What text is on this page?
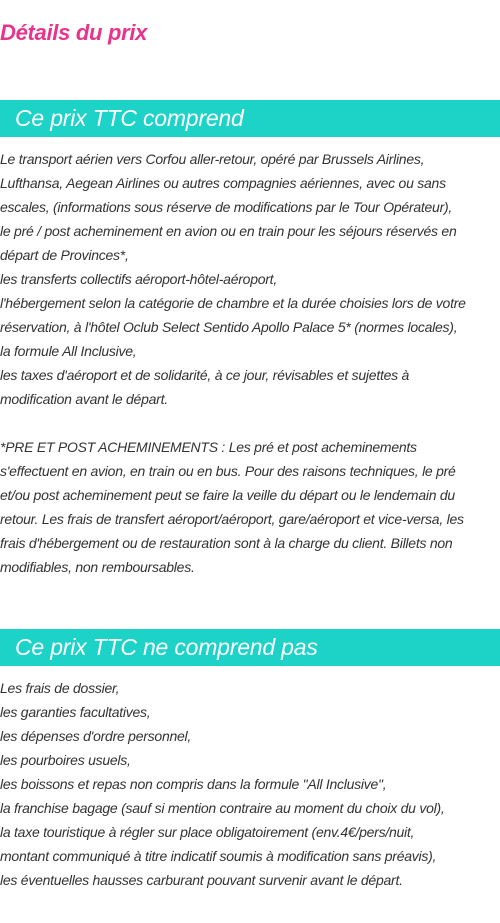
Détails du prix
Ce prix TTC comprend
Le transport aérien vers Corfou aller-retour, opéré par Brussels Airlines,
Lufthansa, Aegean Airlines ou autres compagnies aériennes, avec ou sans
escales, (informations sous réserve de modifications par le Tour Opérateur),
le pré / post acheminement en avion ou en train pour les séjours réservés en
départ de Provinces*,
les transferts collectifs aéroport-hôtel-aéroport,
l'hébergement selon la catégorie de chambre et la durée choisies lors de votre
réservation, à l'hôtel Oclub Select Sentido Apollo Palace 5* (normes locales),
la formule All Inclusive,
les taxes d'aéroport et de solidarité, à ce jour, révisables et sujettes à
modification avant le départ.
*PRE ET POST ACHEMINEMENTS : Les pré et post acheminements
s'effectuent en avion, en train ou en bus. Pour des raisons techniques, le pré
et/ou post acheminement peut se faire la veille du départ ou le lendemain du
retour. Les frais de transfert aéroport/aéroport, gare/aéroport et vice-versa, les
frais d'hébergement ou de restauration sont à la charge du client. Billets non
modifiables, non remboursables.
Ce prix TTC ne comprend pas
Les frais de dossier,
les garanties facultatives,
les dépenses d'ordre personnel,
les pourboires usuels,
les boissons et repas non compris dans la formule "All Inclusive",
la franchise bagage (sauf si mention contraire au moment du choix du vol),
la taxe touristique à régler sur place obligatoirement (env.4€/pers/nuit,
montant communiqué à titre indicatif soumis à modification sans préavis),
les éventuelles hausses carburant pouvant survenir avant le départ.
